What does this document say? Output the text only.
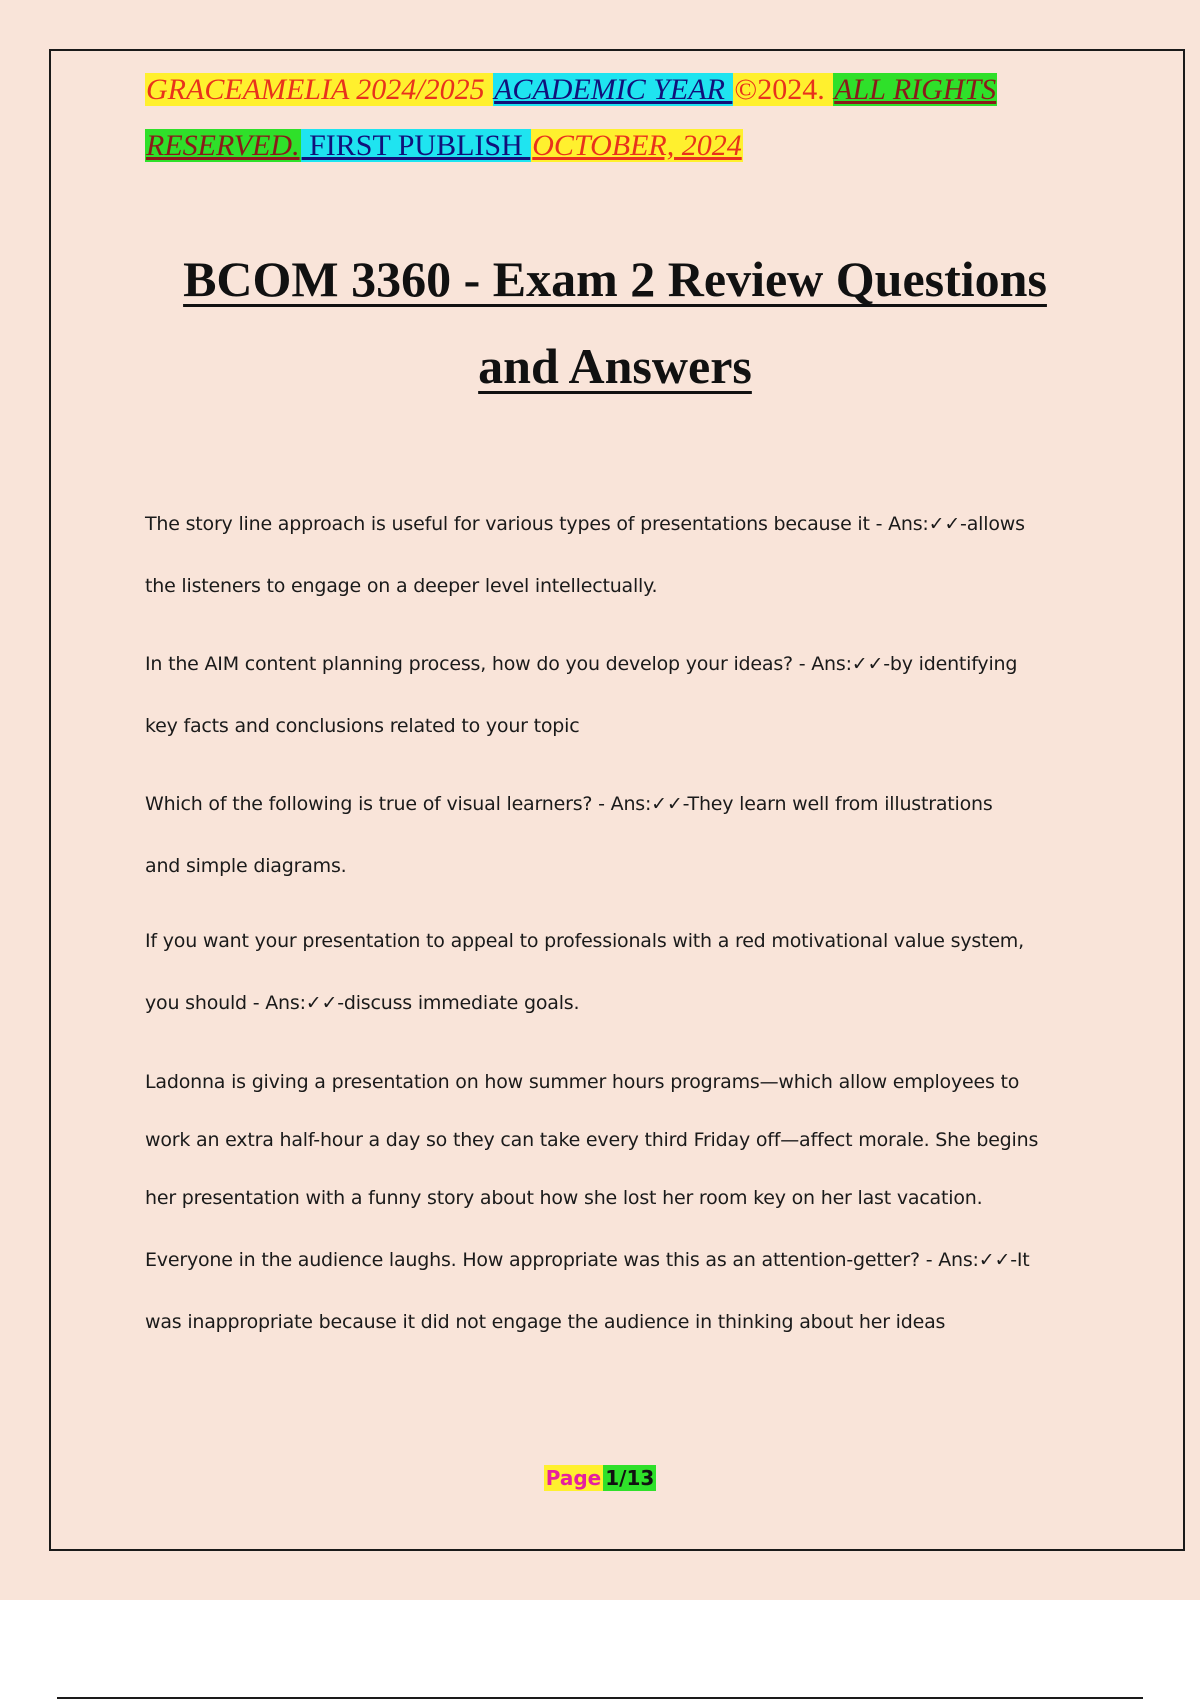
GRACEAMELIA 2024/2025 ACADEMIC YEAR ©2024. ALL RIGHTS
RESERVED. FIRST PUBLISH OCTOBER, 2024
BCOM 3360 - Exam 2 Review Questions
and Answers
The story line approach is useful for various types of presentations because it - Ans:✓✓-allows
the listeners to engage on a deeper level intellectually.
In the AIM content planning process, how do you develop your ideas? - Ans:✓✓-by identifying
key facts and conclusions related to your topic
Which of the following is true of visual learners? - Ans:✓✓-They learn well from illustrations
and simple diagrams.
If you want your presentation to appeal to professionals with a red motivational value system,
you should - Ans:✓✓-discuss immediate goals.
Ladonna is giving a presentation on how summer hours programs—which allow employees to
work an extra half-hour a day so they can take every third Friday off—affect morale. She begins
her presentation with a funny story about how she lost her room key on her last vacation.
Everyone in the audience laughs. How appropriate was this as an attention-getter? - Ans:✓✓-It
was inappropriate because it did not engage the audience in thinking about her ideas
Page 1/13
